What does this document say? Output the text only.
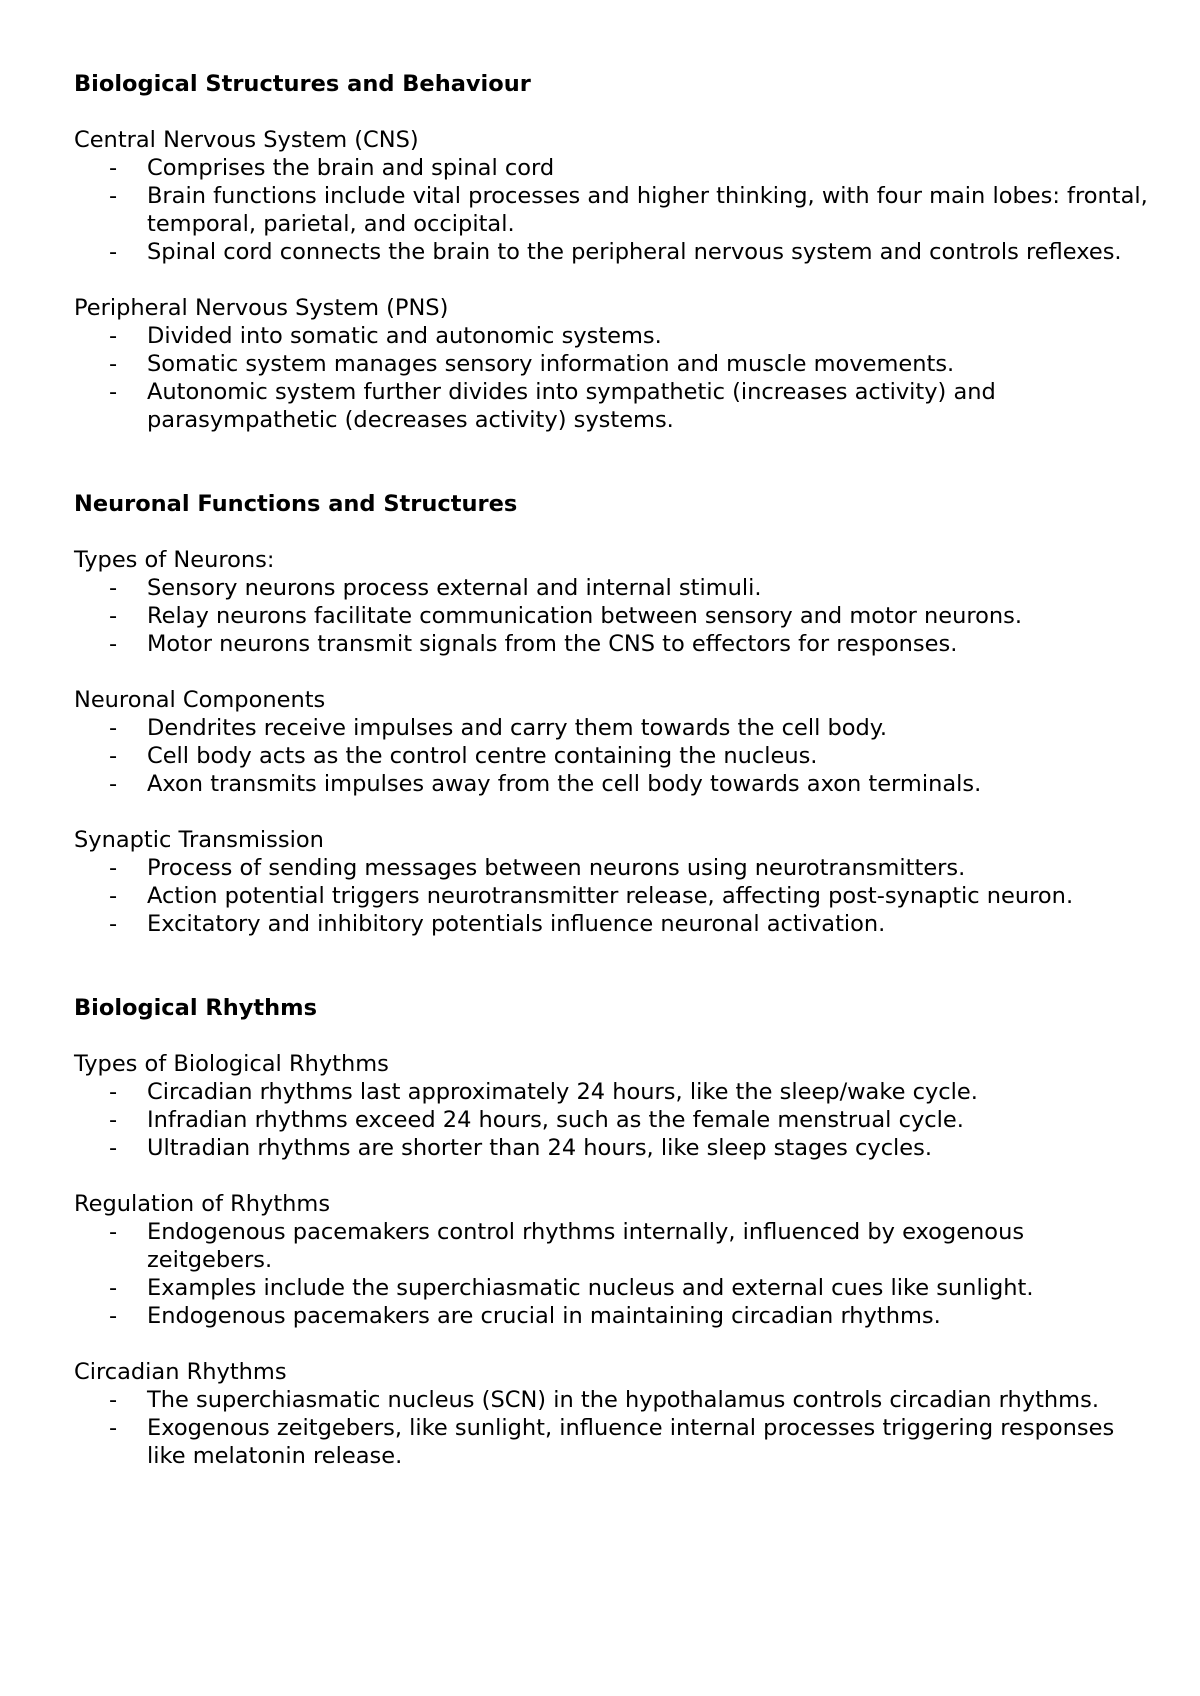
Biological Structures and Behaviour
Central Nervous System (CNS)
-	Comprises the brain and spinal cord
-	Brain functions include vital processes and higher thinking, with four main lobes: frontal, temporal, parietal, and occipital.
-	Spinal cord connects the brain to the peripheral nervous system and controls reflexes.
Peripheral Nervous System (PNS)
-	Divided into somatic and autonomic systems.
-	Somatic system manages sensory information and muscle movements.
-	Autonomic system further divides into sympathetic (increases activity) and parasympathetic (decreases activity) systems.
Neuronal Functions and Structures
Types of Neurons:
-	Sensory neurons process external and internal stimuli.
-	Relay neurons facilitate communication between sensory and motor neurons.
-	Motor neurons transmit signals from the CNS to effectors for responses.
Neuronal Components
-	Dendrites receive impulses and carry them towards the cell body.
-	Cell body acts as the control centre containing the nucleus.
-	Axon transmits impulses away from the cell body towards axon terminals.
Synaptic Transmission
-	Process of sending messages between neurons using neurotransmitters.
-	Action potential triggers neurotransmitter release, affecting post-synaptic neuron.
-	Excitatory and inhibitory potentials influence neuronal activation.
Biological Rhythms
Types of Biological Rhythms
-	Circadian rhythms last approximately 24 hours, like the sleep/wake cycle.
-	Infradian rhythms exceed 24 hours, such as the female menstrual cycle.
-	Ultradian rhythms are shorter than 24 hours, like sleep stages cycles.
Regulation of Rhythms
-	Endogenous pacemakers control rhythms internally, influenced by exogenous zeitgebers.
-	Examples include the superchiasmatic nucleus and external cues like sunlight.
-	Endogenous pacemakers are crucial in maintaining circadian rhythms.
Circadian Rhythms
-	The superchiasmatic nucleus (SCN) in the hypothalamus controls circadian rhythms.
-	Exogenous zeitgebers, like sunlight, influence internal processes triggering responses like melatonin release.
